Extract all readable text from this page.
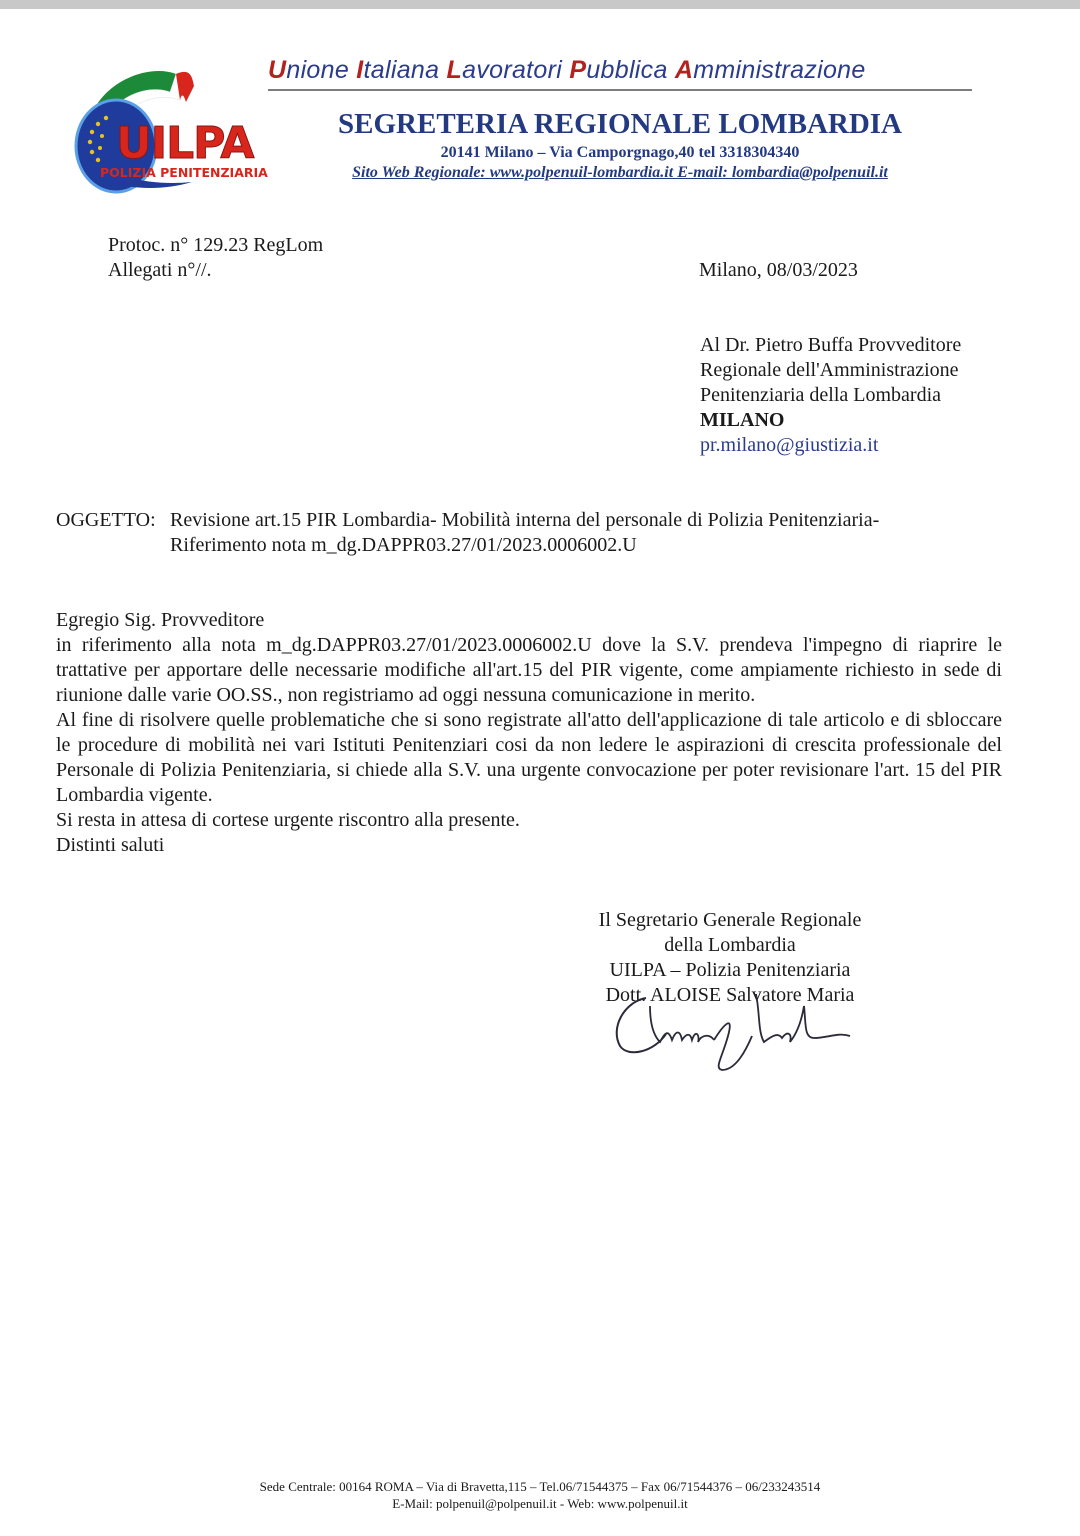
UILPA
POLIZIA PENITENZIARIA
Unione Italiana Lavoratori Pubblica Amministrazione
SEGRETERIA REGIONALE LOMBARDIA
20141 Milano – Via Camporgnago,40 tel 3318304340
Sito Web Regionale: www.polpenuil-lombardia.it E-mail: lombardia@polpenuil.it
Protoc. n° 129.23 RegLom
Allegati n°//.	Milano, 08/03/2023
Al Dr. Pietro Buffa Provveditore
Regionale dell'Amministrazione
Penitenziaria della Lombardia
MILANO
pr.milano@giustizia.it
OGGETTO: Revisione art.15 PIR Lombardia- Mobilità interna del personale di Polizia Penitenziaria-
Riferimento nota m_dg.DAPPR03.27/01/2023.0006002.U

Egregio Sig. Provveditore

in riferimento alla nota m_dg.DAPPR03.27/01/2023.0006002.U dove la S.V. prendeva l'impegno di riaprire le trattative per apportare delle necessarie modifiche all'art.15 del PIR vigente, come ampiamente richiesto in sede di riunione dalle varie OO.SS., non registriamo ad oggi nessuna comunicazione in merito.

Al fine di risolvere quelle problematiche che si sono registrate all'atto dell'applicazione di tale articolo e di sbloccare le procedure di mobilità nei vari Istituti Penitenziari cosi da non ledere le aspirazioni di crescita professionale del Personale di Polizia Penitenziaria, si chiede alla S.V. una urgente convocazione per poter revisionare l'art. 15 del PIR Lombardia vigente.

Si resta in attesa di cortese urgente riscontro alla presente.

Distinti saluti

Il Segretario Generale Regionale
della Lombardia
UILPA – Polizia Penitenziaria
Dott. ALOISE Salvatore Maria
Sede Centrale: 00164 ROMA – Via di Bravetta,115 – Tel.06/71544375 – Fax 06/71544376 – 06/233243514
E-Mail: polpenuil@polpenuil.it - Web: www.polpenuil.it
